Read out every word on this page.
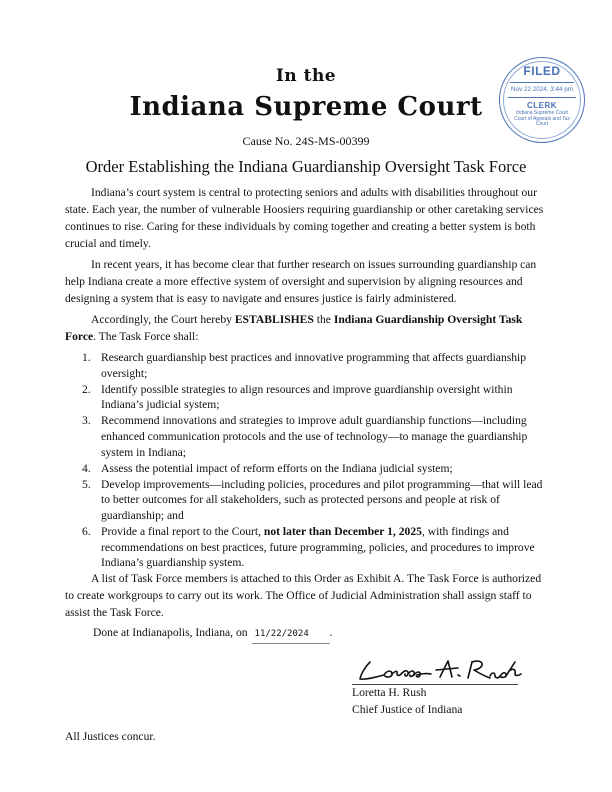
In the
Indiana Supreme Court
Cause No. 24S-MS-00399
Order Establishing the Indiana Guardianship Oversight Task Force

Indiana’s court system is central to protecting seniors and adults with disabilities throughout our state. Each year, the number of vulnerable Hoosiers requiring guardianship or other caretaking services continues to rise. Caring for these individuals by coming together and creating a better system is both crucial and timely.

In recent years, it has become clear that further research on issues surrounding guardianship can help Indiana create a more effective system of oversight and supervision by aligning resources and designing a system that is easy to navigate and ensures justice is fairly administered.

Accordingly, the Court hereby ESTABLISHES the Indiana Guardianship Oversight Task Force. The Task Force shall:

1. Research guardianship best practices and innovative programming that affects guardianship oversight;
2. Identify possible strategies to align resources and improve guardianship oversight within Indiana’s judicial system;
3. Recommend innovations and strategies to improve adult guardianship functions—including enhanced communication protocols and the use of technology—to manage the guardianship system in Indiana;
4. Assess the potential impact of reform efforts on the Indiana judicial system;
5. Develop improvements—including policies, procedures and pilot programming—that will lead to better outcomes for all stakeholders, such as protected persons and people at risk of guardianship; and
6. Provide a final report to the Court, not later than December 1, 2025, with findings and recommendations on best practices, future programming, policies, and procedures to improve Indiana’s guardianship system.

A list of Task Force members is attached to this Order as Exhibit A. The Task Force is authorized to create workgroups to carry out its work. The Office of Judicial Administration shall assign staff to assist the Task Force.

Done at Indianapolis, Indiana, on 11/22/2024 .
Loretta H. Rush
Chief Justice of Indiana
All Justices concur.
FILED
Nov 22 2024, 3:44 pm
CLERK
Indiana Supreme Court Court of Appeals and Tax Court
